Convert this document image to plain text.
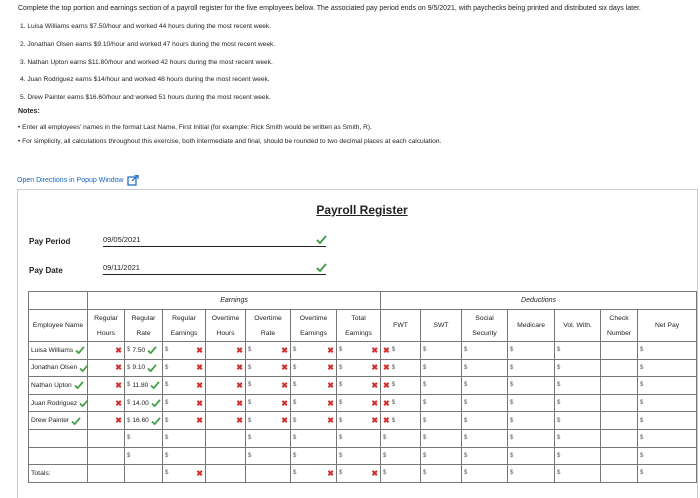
Complete the top portion and earnings section of a payroll register for the five employees below. The associated pay period ends on 9/5/2021, with paychecks being printed and distributed six days later.
1. Luisa Williams earns $7.50/hour and worked 44 hours during the most recent week.
2. Jonathan Olsen earns $9.10/hour and worked 47 hours during the most recent week.
3. Nathan Upton earns $11.80/hour and worked 42 hours during the most recent week.
4. Juan Rodriguez earns $14/hour and worked 48 hours during the most recent week.
5. Drew Painter earns $16.60/hour and worked 51 hours during the most recent week.
Notes:
• Enter all employees' names in the format Last Name, First Initial (for example: Rick Smith would be written as Smith, R).
• For simplicity, all calculations throughout this exercise, both intermediate and final, should be rounded to two decimal places at each calculation.
Open Directions in Popup Window
Payroll Register
Pay Period	09/05/2021
Pay Date	09/11/2021
	Earnings							Deductions						
Employee Name	Regular Hours	Regular Rate	Regular Earnings	Overtime Hours	Overtime Rate	Overtime Earnings	Total Earnings	FWT	SWT	Social Security	Medicare	Vol. With.	Check Number	Net Pay

Luisa Williams	✖	$ 7.50	$ ✖	✖	$ ✖	$ ✖	$ ✖	✖ $	$	$	$	$		$

Jonathan Olsen	✖	$ 9.10	$ ✖	✖	$ ✖	$ ✖	$ ✖	✖ $	$	$	$	$		$

Nathan Upton	✖	$ 11.80	$ ✖	✖	$ ✖	$ ✖	$ ✖	✖ $	$	$	$	$		$

Juan Rodriguez	✖	$ 14.00	$ ✖	✖	$ ✖	$ ✖	$ ✖	✖ $	$	$	$	$		$

Drew Painter	✖	$ 16.60	$ ✖	✖	$ ✖	$ ✖	$ ✖	✖ $	$	$	$	$		$

		$	$		$	$	$	$	$	$	$	$		$

		$	$		$	$	$	$	$	$	$	$		$

Totals:			$ ✖			$ ✖	$ ✖	$	$	$	$	$		$
